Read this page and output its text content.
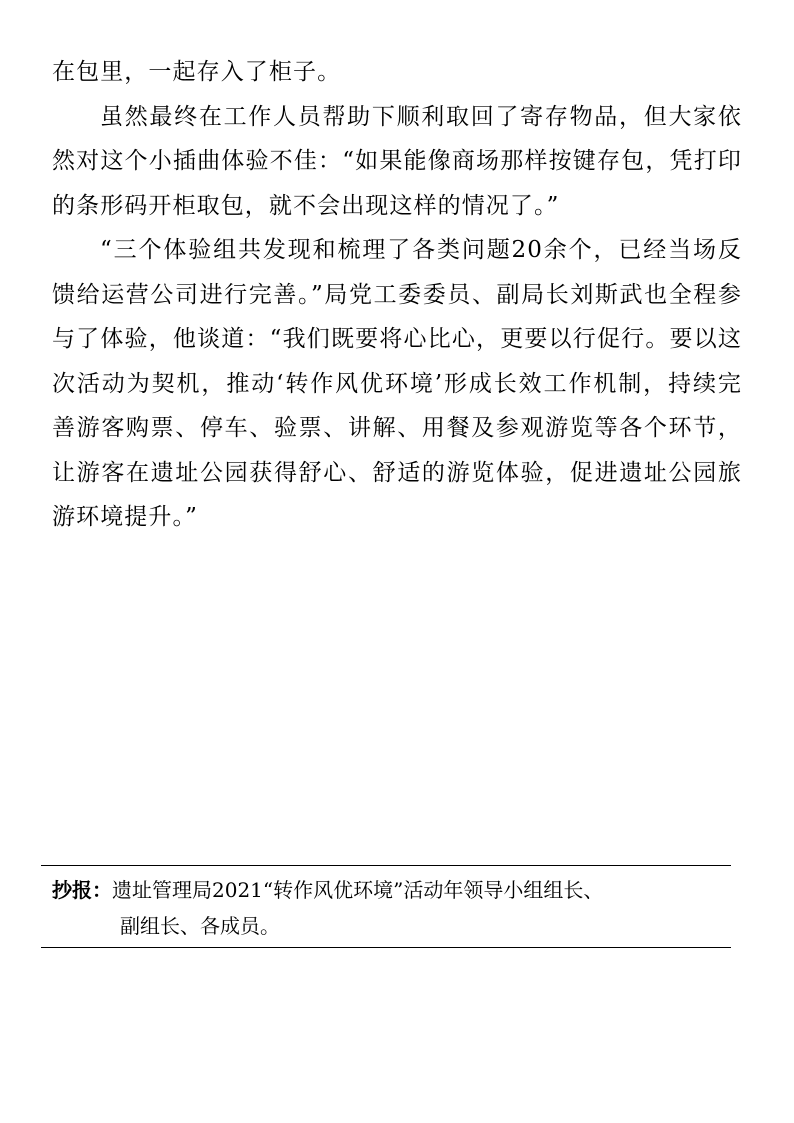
在包里，一起存入了柜子。

虽然最终在工作人员帮助下顺利取回了寄存物品，但大家依然对这个小插曲体验不佳：“如果能像商场那样按键存包，凭打印的条形码开柜取包，就不会出现这样的情况了。”

“三个体验组共发现和梳理了各类问题20余个，已经当场反馈给运营公司进行完善。”局党工委委员、副局长刘斯武也全程参与了体验，他谈道：“我们既要将心比心，更要以行促行。要以这次活动为契机，推动‘转作风优环境’形成长效工作机制，持续完善游客购票、停车、验票、讲解、用餐及参观游览等各个环节，让游客在遗址公园获得舒心、舒适的游览体验，促进遗址公园旅游环境提升。”

抄报：遗址管理局2021“转作风优环境”活动年领导小组组长、
副组长、各成员。
